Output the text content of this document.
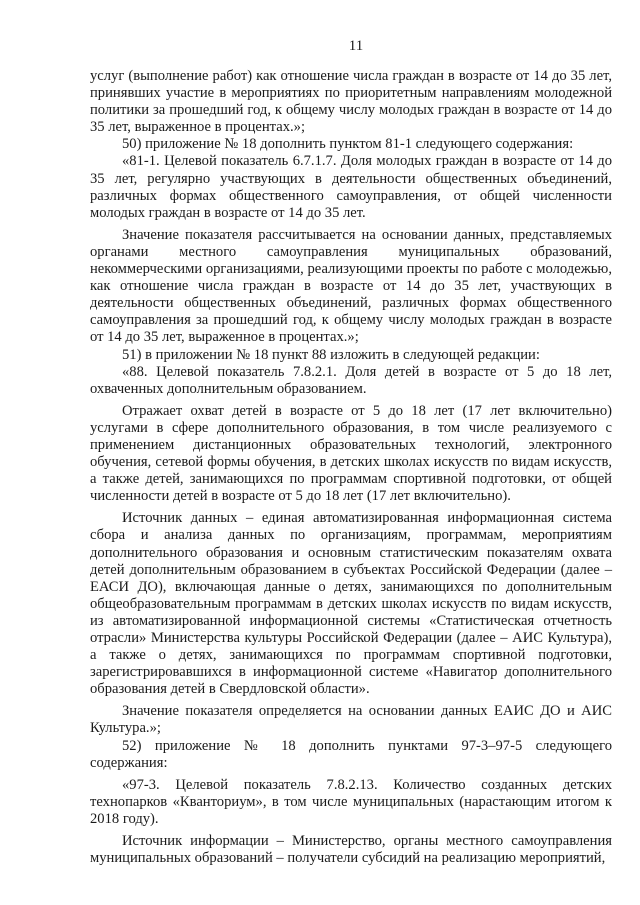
11

услуг (выполнение работ) как отношение числа граждан в возрасте от 14 до 35 лет, принявших участие в мероприятиях по приоритетным направлениям молодежной политики за прошедший год, к общему числу молодых граждан в возрасте от 14 до 35 лет, выраженное в процентах.»;

50) приложение № 18 дополнить пунктом 81-1 следующего содержания:

«81-1. Целевой показатель 6.7.1.7. Доля молодых граждан в возрасте от 14 до 35 лет, регулярно участвующих в деятельности общественных объединений, различных формах общественного самоуправления, от общей численности молодых граждан в возрасте от 14 до 35 лет.

Значение показателя рассчитывается на основании данных, представляемых органами местного самоуправления муниципальных образований, некоммерческими организациями, реализующими проекты по работе с молодежью, как отношение числа граждан в возрасте от 14 до 35 лет, участвующих в деятельности общественных объединений, различных формах общественного самоуправления за прошедший год, к общему числу молодых граждан в возрасте от 14 до 35 лет, выраженное в процентах.»;

51) в приложении № 18 пункт 88 изложить в следующей редакции:

«88. Целевой показатель 7.8.2.1. Доля детей в возрасте от 5 до 18 лет, охваченных дополнительным образованием.

Отражает охват детей в возрасте от 5 до 18 лет (17 лет включительно) услугами в сфере дополнительного образования, в том числе реализуемого с применением дистанционных образовательных технологий, электронного обучения, сетевой формы обучения, в детских школах искусств по видам искусств, а также детей, занимающихся по программам спортивной подготовки, от общей численности детей в возрасте от 5 до 18 лет (17 лет включительно).

Источник данных – единая автоматизированная информационная система сбора и анализа данных по организациям, программам, мероприятиям дополнительного образования и основным статистическим показателям охвата детей дополнительным образованием в субъектах Российской Федерации (далее – ЕАСИ ДО), включающая данные о детях, занимающихся по дополнительным общеобразовательным программам в детских школах искусств по видам искусств, из автоматизированной информационной системы «Статистическая отчетность отрасли» Министерства культуры Российской Федерации (далее – АИС Культура), а также о детях, занимающихся по программам спортивной подготовки, зарегистрировавшихся в информационной системе «Навигатор дополнительного образования детей в Свердловской области».

Значение показателя определяется на основании данных ЕАИС ДО и АИС Культура.»;

52) приложение № 18 дополнить пунктами 97-3–97-5 следующего содержания:

«97-3. Целевой показатель 7.8.2.13. Количество созданных детских технопарков «Кванториум», в том числе муниципальных (нарастающим итогом к 2018 году).

Источник информации – Министерство, органы местного самоуправления муниципальных образований – получатели субсидий на реализацию мероприятий,
